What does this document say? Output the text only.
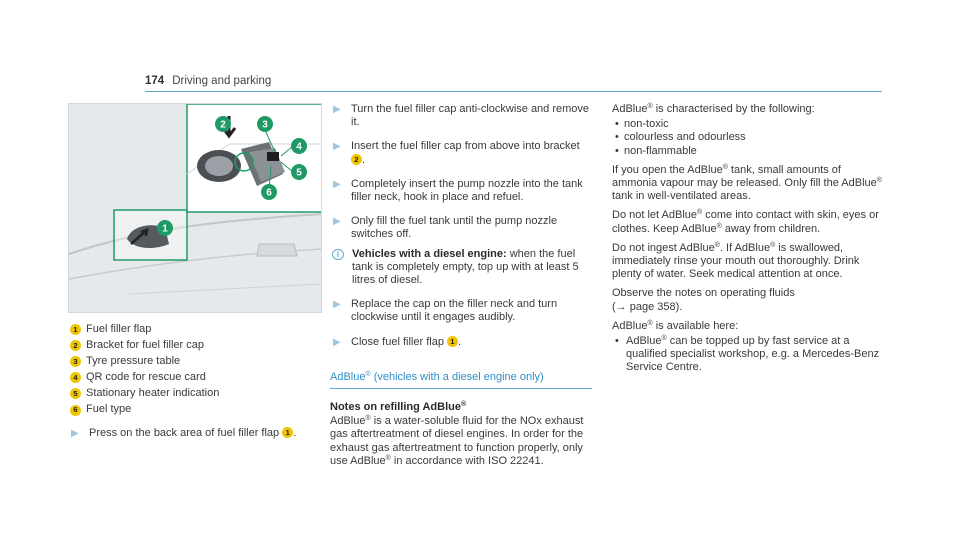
174 Driving and parking
1
2	3
4
5
6
1 Fuel filler flap
2 Bracket for fuel filler cap
3 Tyre pressure table
4 QR code for rescue card
5 Stationary heater indication
6 Fuel type
▶ Press on the back area of fuel filler flap 1 .
▶ Turn the fuel filler cap anti-clockwise and remove it.
▶ Insert the fuel filler cap from above into bracket 2 .
▶ Completely insert the pump nozzle into the tank filler neck, hook in place and refuel.
▶ Only fill the fuel tank until the pump nozzle switches off.
i	Vehicles with a diesel engine: when the fuel tank is completely empty, top up with at least 5 litres of diesel.
▶ Replace the cap on the filler neck and turn clockwise until it engages audibly.
▶ Close fuel filler flap 1 .
AdBlue® (vehicles with a diesel engine only)
Notes on refilling AdBlue®
AdBlue® is a water-soluble fluid for the NOx exhaust gas aftertreatment of diesel engines. In order for the exhaust gas aftertreatment to function properly, only use AdBlue® in accordance with ISO 22241.
AdBlue® is characterised by the following:
• non-toxic
• colourless and odourless
• non-flammable
If you open the AdBlue® tank, small amounts of ammonia vapour may be released. Only fill the AdBlue® tank in well-ventilated areas.
Do not let AdBlue® come into contact with skin, eyes or clothes. Keep AdBlue® away from children.
Do not ingest AdBlue®. If AdBlue® is swallowed, immediately rinse your mouth out thoroughly. Drink plenty of water. Seek medical attention at once.
Observe the notes on operating fluids
(→ page 358).
AdBlue® is available here:
• AdBlue® can be topped up by fast service at a qualified specialist workshop, e.g. a Mercedes-Benz Service Centre.
